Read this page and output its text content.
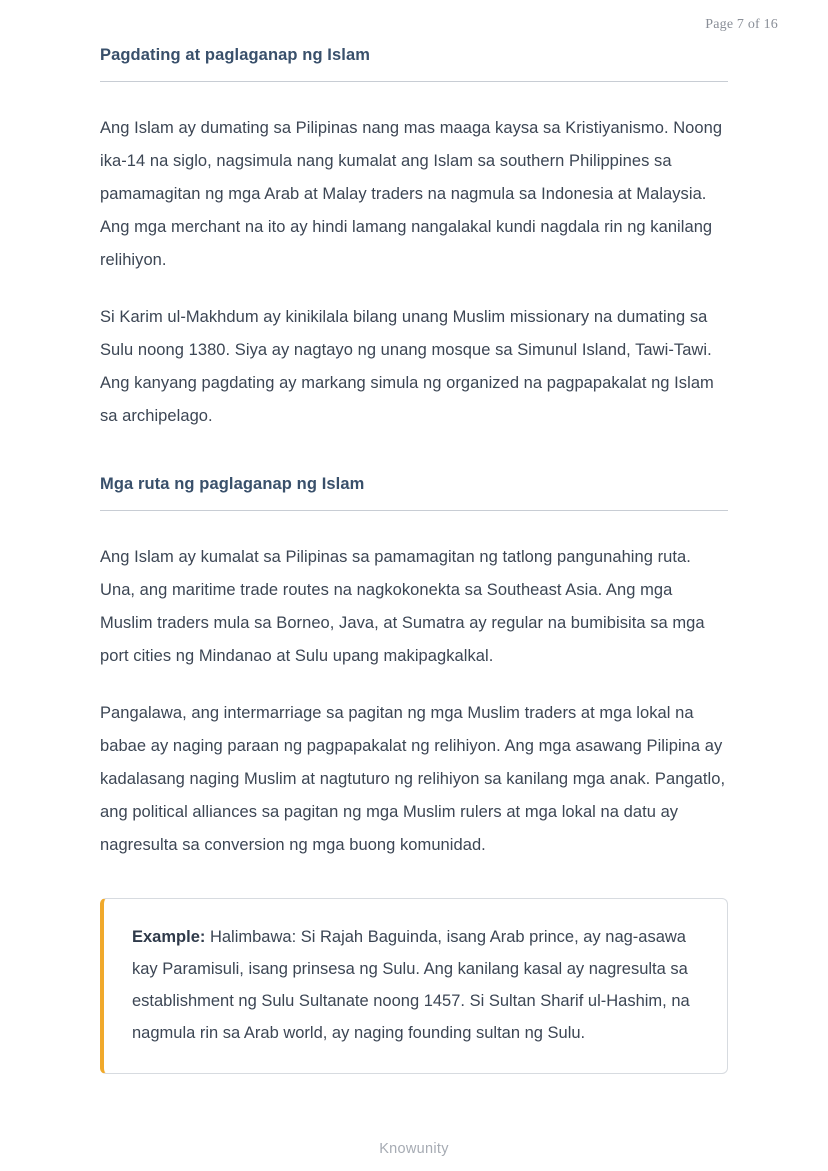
Page 7 of 16
Pagdating at paglaganap ng Islam

Ang Islam ay dumating sa Pilipinas nang mas maaga kaysa sa Kristiyanismo. Noong ika-14 na siglo, nagsimula nang kumalat ang Islam sa southern Philippines sa pamamagitan ng mga Arab at Malay traders na nagmula sa Indonesia at Malaysia. Ang mga merchant na ito ay hindi lamang nangalakal kundi nagdala rin ng kanilang relihiyon.

Si Karim ul-Makhdum ay kinikilala bilang unang Muslim missionary na dumating sa Sulu noong 1380. Siya ay nagtayo ng unang mosque sa Simunul Island, Tawi-Tawi. Ang kanyang pagdating ay markang simula ng organized na pagpapakalat ng Islam sa archipelago.

Mga ruta ng paglaganap ng Islam

Ang Islam ay kumalat sa Pilipinas sa pamamagitan ng tatlong pangunahing ruta. Una, ang maritime trade routes na nagkokonekta sa Southeast Asia. Ang mga Muslim traders mula sa Borneo, Java, at Sumatra ay regular na bumibisita sa mga port cities ng Mindanao at Sulu upang makipagkalkal.

Pangalawa, ang intermarriage sa pagitan ng mga Muslim traders at mga lokal na babae ay naging paraan ng pagpapakalat ng relihiyon. Ang mga asawang Pilipina ay kadalasang naging Muslim at nagtuturo ng relihiyon sa kanilang mga anak. Pangatlo, ang political alliances sa pagitan ng mga Muslim rulers at mga lokal na datu ay nagresulta sa conversion ng mga buong komunidad.

Example: Halimbawa: Si Rajah Baguinda, isang Arab prince, ay nag-asawa kay Paramisuli, isang prinsesa ng Sulu. Ang kanilang kasal ay nagresulta sa establishment ng Sulu Sultanate noong 1457. Si Sultan Sharif ul-Hashim, na nagmula rin sa Arab world, ay naging founding sultan ng Sulu.

Knowunity
